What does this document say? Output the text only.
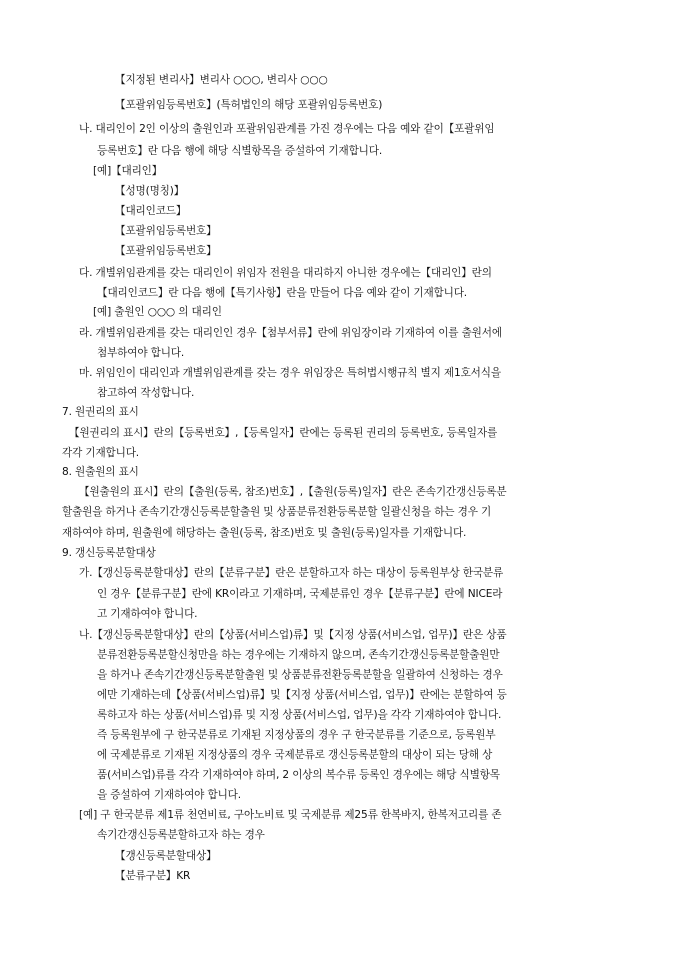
【지정된 변리사】변리사 ○○○, 변리사 ○○○
【포괄위임등록번호】(특허법인의 해당 포괄위임등록번호)
나. 대리인이 2인 이상의 출원인과 포괄위임관계를 가진 경우에는 다음 예와 같이【포괄위임
등록번호】란 다음 행에 해당 식별항목을 증설하여 기재합니다.
[예]【대리인】
【성명(명칭)】
【대리인코드】
【포괄위임등록번호】
【포괄위임등록번호】
다. 개별위임관계를 갖는 대리인이 위임자 전원을 대리하지 아니한 경우에는【대리인】란의
【대리인코드】란 다음 행에【특기사항】란을 만들어 다음 예와 같이 기재합니다.
[예] 출원인 ○○○ 의 대리인
라. 개별위임관계를 갖는 대리인인 경우【첨부서류】란에 위임장이라 기재하여 이를 출원서에
첨부하여야 합니다.
마. 위임인이 대리인과 개별위임관계를 갖는 경우 위임장은 특허법시행규칙 별지 제1호서식을
참고하여 작성합니다.
7. 원권리의 표시
【원권리의 표시】란의【등록번호】,【등록일자】란에는 등록된 권리의 등록번호, 등록일자를
각각 기재합니다.
8. 원출원의 표시
【원출원의 표시】란의【출원(등록, 참조)번호】,【출원(등록)일자】란은 존속기간갱신등록분
할출원을 하거나 존속기간갱신등록분할출원 및 상품분류전환등록분할 일괄신청을 하는 경우 기
재하여야 하며, 원출원에 해당하는 출원(등록, 참조)번호 및 출원(등록)일자를 기재합니다.
9. 갱신등록분할대상
가.【갱신등록분할대상】란의【분류구분】란은 분할하고자 하는 대상이 등록원부상 한국분류
인 경우【분류구분】란에 KR이라고 기재하며, 국제분류인 경우【분류구분】란에 NICE라
고 기재하여야 합니다.
나.【갱신등록분할대상】란의【상품(서비스업)류】및【지정 상품(서비스업, 업무)】란은 상품
분류전환등록분할신청만을 하는 경우에는 기재하지 않으며, 존속기간갱신등록분할출원만
을 하거나 존속기간갱신등록분할출원 및 상품분류전환등록분할을 일괄하여 신청하는 경우
에만 기재하는데【상품(서비스업)류】및【지정 상품(서비스업, 업무)】란에는 분할하여 등
록하고자 하는 상품(서비스업)류 및 지정 상품(서비스업, 업무)을 각각 기재하여야 합니다.
즉 등록원부에 구 한국분류로 기재된 지정상품의 경우 구 한국분류를 기준으로, 등록원부
에 국제분류로 기재된 지정상품의 경우 국제분류로 갱신등록분할의 대상이 되는 당해 상
품(서비스업)류를 각각 기재하여야 하며, 2 이상의 복수류 등록인 경우에는 해당 식별항목
을 증설하여 기재하여야 합니다.
[예] 구 한국분류 제1류 천연비료, 구아노비료 및 국제분류 제25류 한복바지, 한복저고리를 존
속기간갱신등록분할하고자 하는 경우
【갱신등록분할대상】
【분류구분】KR
